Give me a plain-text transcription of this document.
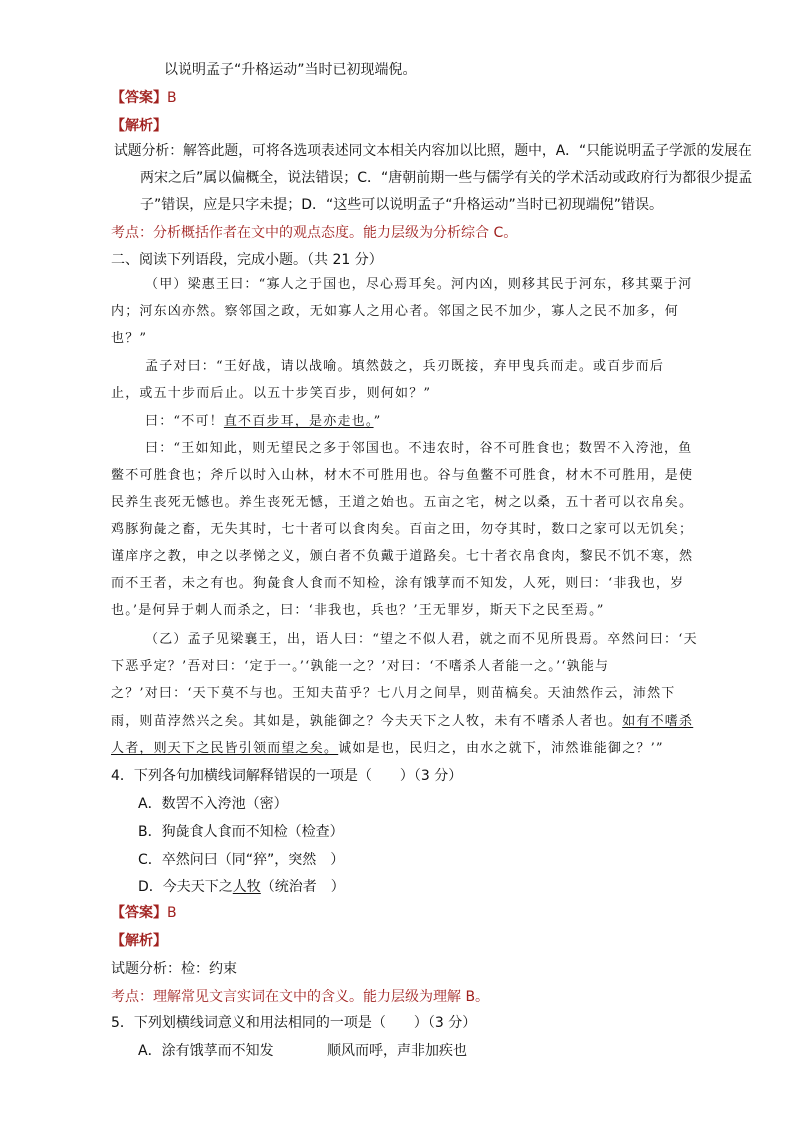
以说明孟子“升格运动”当时已初现端倪。
【答案】B
【解析】
试题分析：解答此题，可将各选项表述同文本相关内容加以比照，题中，A．“只能说明孟子学派的发展在
两宋之后”属以偏概全，说法错误；C．“唐朝前期一些与儒学有关的学术活动或政府行为都很少提孟
子”错误，应是只字未提；D．“这些可以说明孟子“升格运动”当时已初现端倪”错误。
考点：分析概括作者在文中的观点态度。能力层级为分析综合 C。
二、阅读下列语段，完成小题。（共 21 分）
（甲）梁惠王曰：“寡人之于国也，尽心焉耳矣。河内凶，则移其民于河东，移其粟于河
内；河东凶亦然。察邻国之政，无如寡人之用心者。邻国之民不加少，寡人之民不加多，何
也？”
孟子对曰：“王好战，请以战喻。填然鼓之，兵刃既接，弃甲曳兵而走。或百步而后
止，或五十步而后止。以五十步笑百步，则何如？”
曰：“不可！直不百步耳，是亦走也。”
曰：“王如知此，则无望民之多于邻国也。不违农时，谷不可胜食也；数罟不入洿池，鱼
鳖不可胜食也；斧斤以时入山林，材木不可胜用也。谷与鱼鳖不可胜食，材木不可胜用，是使
民养生丧死无憾也。养生丧死无憾，王道之始也。五亩之宅，树之以桑，五十者可以衣帛矣。
鸡豚狗彘之畜，无失其时，七十者可以食肉矣。百亩之田，勿夺其时，数口之家可以无饥矣；
谨庠序之教，申之以孝悌之义，颁白者不负戴于道路矣。七十者衣帛食肉，黎民不饥不寒，然
而不王者，未之有也。狗彘食人食而不知检，涂有饿莩而不知发，人死，则曰：‘非我也，岁
也。’是何异于刺人而杀之，曰：‘非我也，兵也？’王无罪岁，斯天下之民至焉。”
（乙）孟子见梁襄王，出，语人曰：“望之不似人君，就之而不见所畏焉。卒然问曰：‘天
下恶乎定？’吾对曰：‘定于一。’‘孰能一之？’对曰：‘不嗜杀人者能一之。’‘孰能与
之？’对曰：‘天下莫不与也。王知夫苗乎？七八月之间旱，则苗槁矣。天油然作云，沛然下
雨，则苗浡然兴之矣。其如是，孰能御之？今夫天下之人牧，未有不嗜杀人者也。如有不嗜杀
人者，则天下之民皆引领而望之矣。诚如是也，民归之，由水之就下，沛然谁能御之？’”
4．下列各句加横线词解释错误的一项是（　　）（3 分）
A．数罟不入洿池（密）
B．狗彘食人食而不知检（检查）
C．卒然问曰（同“猝”，突然　）
D．今夫天下之人牧（统治者　）
【答案】B
【解析】
试题分析：检：约束
考点：理解常见文言实词在文中的含义。能力层级为理解 B。
5．下列划横线词意义和用法相同的一项是（　　）（3 分）
A．涂有饿莩而不知发	顺风而呼，声非加疾也
